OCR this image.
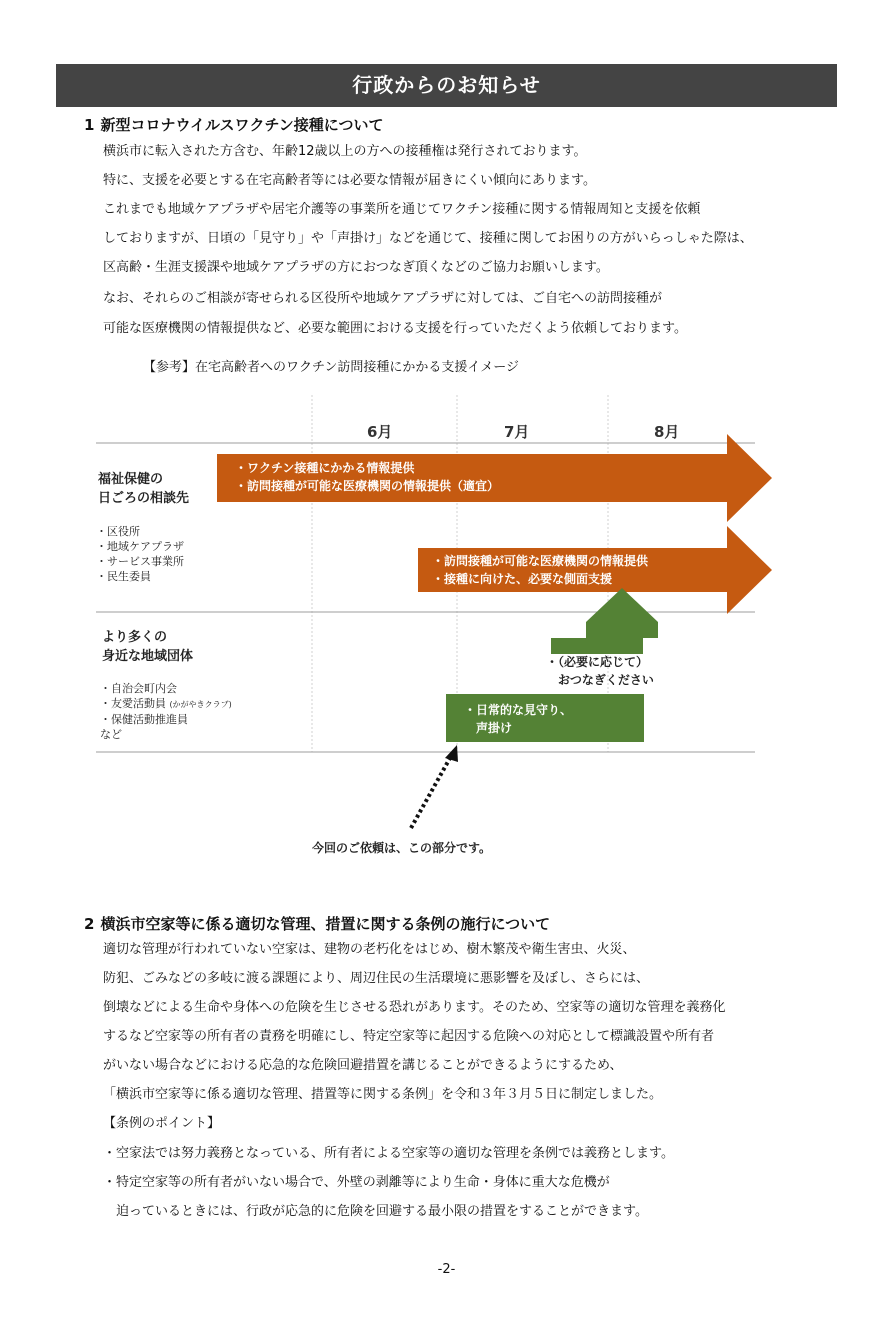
行政からのお知らせ
1 新型コロナウイルスワクチン接種について
横浜市に転入された方含む、年齢12歳以上の方への接種権は発行されております。
特に、支援を必要とする在宅高齢者等には必要な情報が届きにくい傾向にあります。
これまでも地域ケアプラザや居宅介護等の事業所を通じてワクチン接種に関する情報周知と支援を依頼
しておりますが、日頃の「見守り」や「声掛け」などを通じて、接種に関してお困りの方がいらっしゃた際は、
区高齢・生涯支援課や地域ケアプラザの方におつなぎ頂くなどのご協力お願いします。
なお、それらのご相談が寄せられる区役所や地域ケアプラザに対しては、ご自宅への訪問接種が
可能な医療機関の情報提供など、必要な範囲における支援を行っていただくよう依頼しております。
【参考】在宅高齢者へのワクチン訪問接種にかかる支援イメージ
6月	7月	8月
福祉保健の
日ごろの相談先
・区役所
・地域ケアプラザ
・サービス事業所
・民生委員
より多くの
身近な地域団体
・自治会町内会
・友愛活動員 (かがやきクラブ)
・保健活動推進員
など
・ワクチン接種にかかる情報提供
・訪問接種が可能な医療機関の情報提供（適宜）
・訪問接種が可能な医療機関の情報提供
・接種に向けた、必要な側面支援
・（必要に応じて）
おつなぎください
・日常的な見守り、
声掛け
今回のご依頼は、この部分です。
2 横浜市空家等に係る適切な管理、措置に関する条例の施行について
適切な管理が行われていない空家は、建物の老朽化をはじめ、樹木繁茂や衛生害虫、火災、
防犯、ごみなどの多岐に渡る課題により、周辺住民の生活環境に悪影響を及ぼし、さらには、
倒壊などによる生命や身体への危険を生じさせる恐れがあります。そのため、空家等の適切な管理を義務化
するなど空家等の所有者の責務を明確にし、特定空家等に起因する危険への対応として標識設置や所有者
がいない場合などにおける応急的な危険回避措置を講じることができるようにするため、
「横浜市空家等に係る適切な管理、措置等に関する条例」を令和３年３月５日に制定しました。
【条例のポイント】
・空家法では努力義務となっている、所有者による空家等の適切な管理を条例では義務とします。
・特定空家等の所有者がいない場合で、外壁の剥離等により生命・身体に重大な危機が
　迫っているときには、行政が応急的に危険を回避する最小限の措置をすることができます。
-2-
